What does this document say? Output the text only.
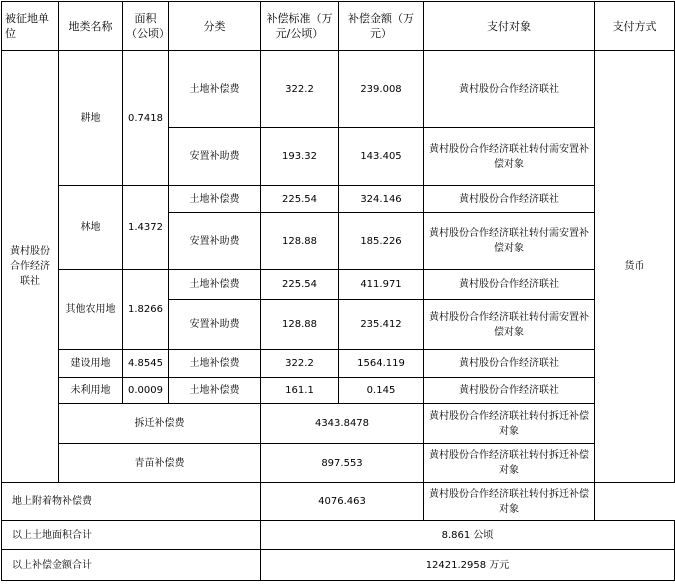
被征地单位	地类名称	面积（公顷）	分类	补偿标准（万元/公顷）	补偿金额（万元）	支付对象	支付方式
黄村股份合作经济联社	耕地	0.7418	土地补偿费	322.2	239.008	黄村股份合作经济联社	货币
			安置补助费	193.32	143.405	黄村股份合作经济联社转付需安置补偿对象	
	林地	1.4372	土地补偿费	225.54	324.146	黄村股份合作经济联社	
			安置补助费	128.88	185.226	黄村股份合作经济联社转付需安置补偿对象	
	其他农用地	1.8266	土地补偿费	225.54	411.971	黄村股份合作经济联社	
			安置补助费	128.88	235.412	黄村股份合作经济联社转付需安置补偿对象	
	建设用地	4.8545	土地补偿费	322.2	1564.119	黄村股份合作经济联社	
	未利用地	0.0009	土地补偿费	161.1	0.145	黄村股份合作经济联社	
	拆迁补偿费			4343.8478		黄村股份合作经济联社转付拆迁补偿对象	
	青苗补偿费			897.553		黄村股份合作经济联社转付拆迁补偿对象	
地上附着物补偿费				4076.463		黄村股份合作经济联社转付拆迁补偿对象	
以上土地面积合计				8.861 公顷			
以上补偿金额合计				12421.2958 万元			
